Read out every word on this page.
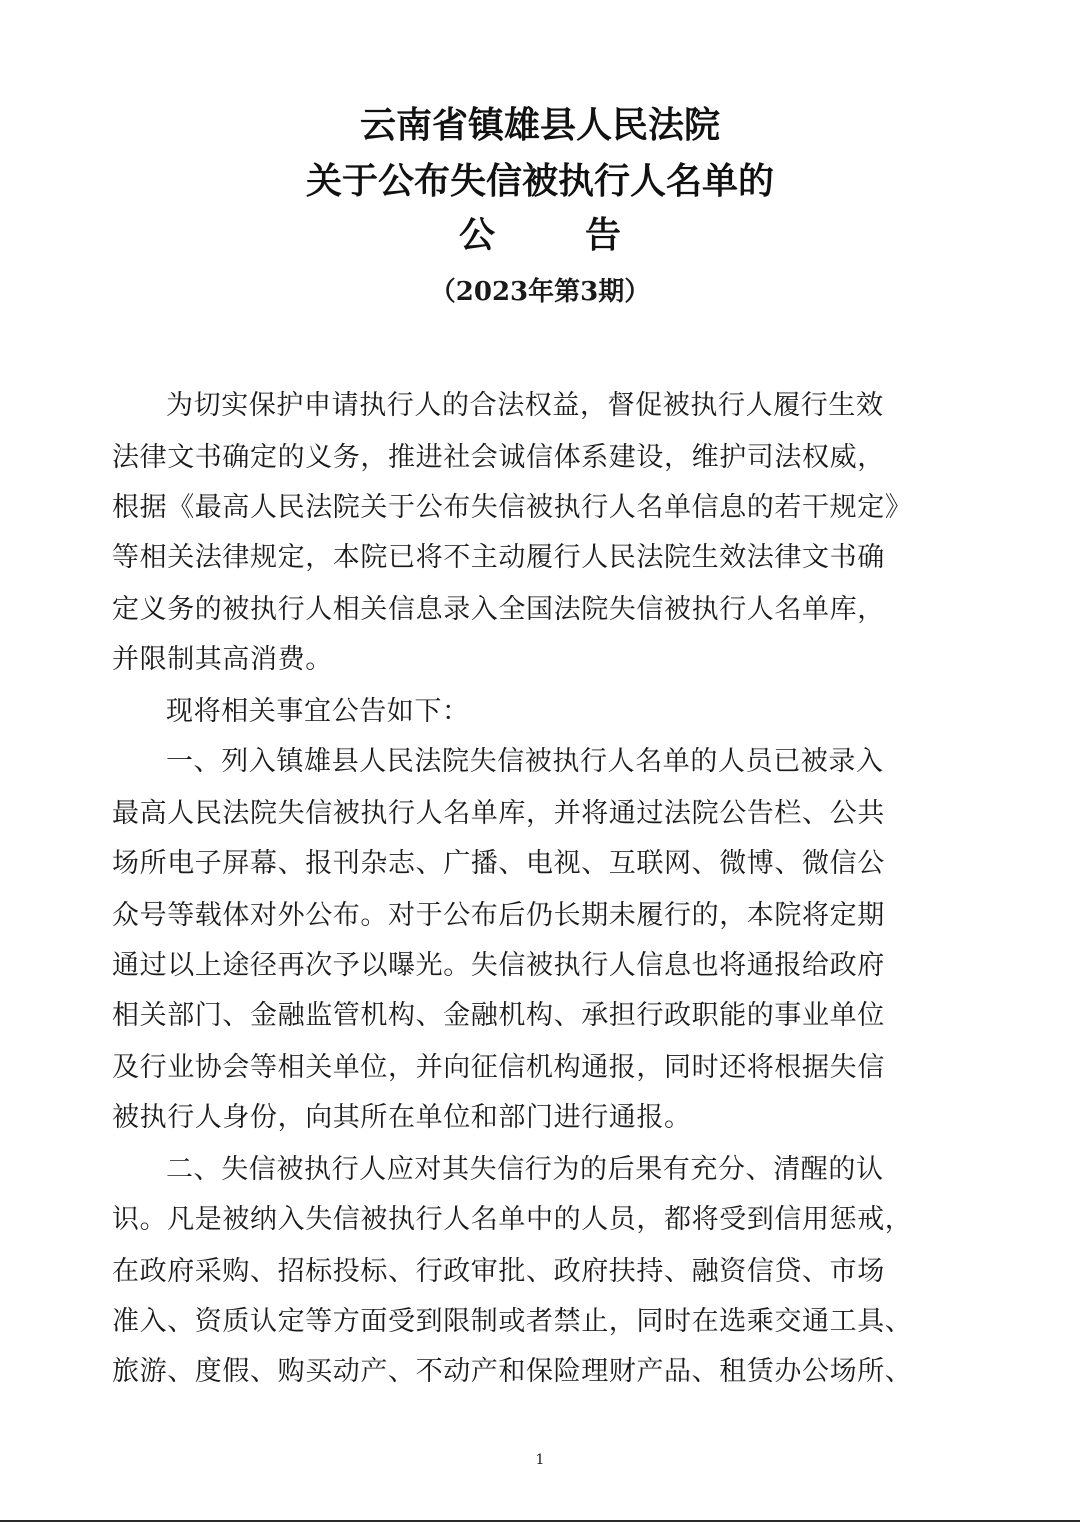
云南省镇雄县人民法院
关于公布失信被执行人名单的
公	告
（2023年第3期）
为切实保护申请执行人的合法权益，督促被执行人履行生效
法律文书确定的义务，推进社会诚信体系建设，维护司法权威，
根据《最高人民法院关于公布失信被执行人名单信息的若干规定》
等相关法律规定，本院已将不主动履行人民法院生效法律文书确
定义务的被执行人相关信息录入全国法院失信被执行人名单库，
并限制其高消费。
现将相关事宜公告如下：
一、列入镇雄县人民法院失信被执行人名单的人员已被录入
最高人民法院失信被执行人名单库，并将通过法院公告栏、公共
场所电子屏幕、报刊杂志、广播、电视、互联网、微博、微信公
众号等载体对外公布。对于公布后仍长期未履行的，本院将定期
通过以上途径再次予以曝光。失信被执行人信息也将通报给政府
相关部门、金融监管机构、金融机构、承担行政职能的事业单位
及行业协会等相关单位，并向征信机构通报，同时还将根据失信
被执行人身份，向其所在单位和部门进行通报。
二、失信被执行人应对其失信行为的后果有充分、清醒的认
识。凡是被纳入失信被执行人名单中的人员，都将受到信用惩戒，
在政府采购、招标投标、行政审批、政府扶持、融资信贷、市场
准入、资质认定等方面受到限制或者禁止，同时在选乘交通工具、
旅游、度假、购买动产、不动产和保险理财产品、租赁办公场所、
1
